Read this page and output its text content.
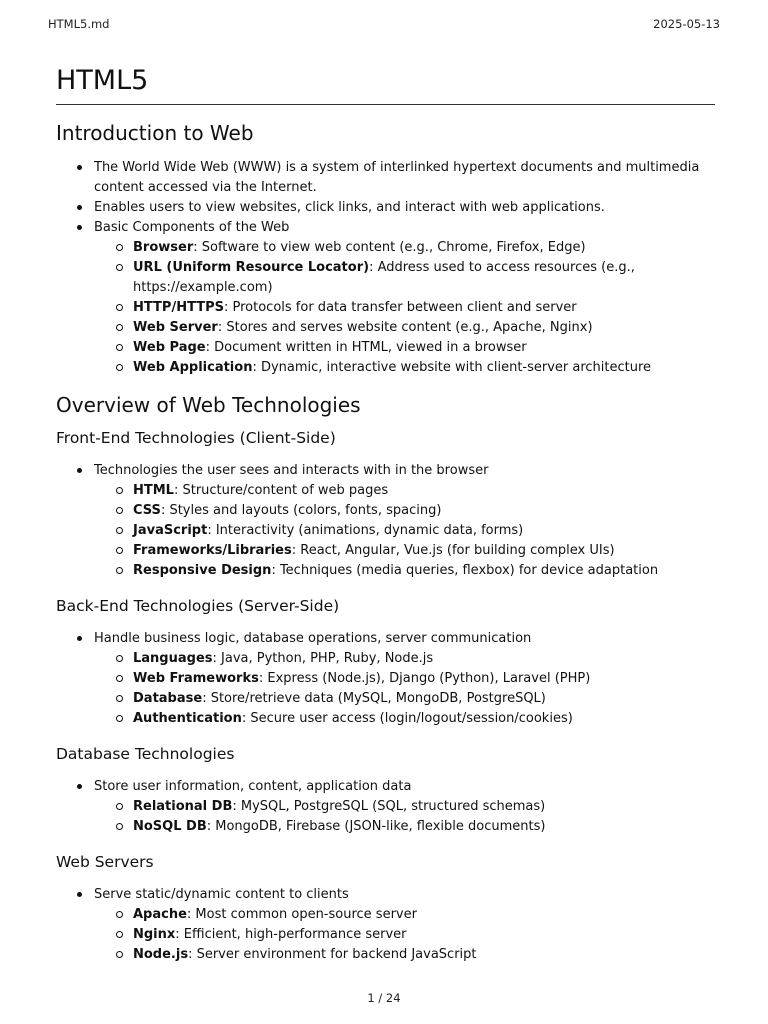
HTML5.md	2025-05-13
HTML5
Introduction to Web
The World Wide Web (WWW) is a system of interlinked hypertext documents and multimedia content accessed via the Internet.
Enables users to view websites, click links, and interact with web applications.
Basic Components of the Web
Browser: Software to view web content (e.g., Chrome, Firefox, Edge)
URL (Uniform Resource Locator): Address used to access resources (e.g., https://example.com)
HTTP/HTTPS: Protocols for data transfer between client and server
Web Server: Stores and serves website content (e.g., Apache, Nginx)
Web Page: Document written in HTML, viewed in a browser
Web Application: Dynamic, interactive website with client-server architecture
Overview of Web Technologies
Front-End Technologies (Client-Side)
Technologies the user sees and interacts with in the browser
HTML: Structure/content of web pages
CSS: Styles and layouts (colors, fonts, spacing)
JavaScript: Interactivity (animations, dynamic data, forms)
Frameworks/Libraries: React, Angular, Vue.js (for building complex UIs)
Responsive Design: Techniques (media queries, flexbox) for device adaptation
Back-End Technologies (Server-Side)
Handle business logic, database operations, server communication
Languages: Java, Python, PHP, Ruby, Node.js
Web Frameworks: Express (Node.js), Django (Python), Laravel (PHP)
Database: Store/retrieve data (MySQL, MongoDB, PostgreSQL)
Authentication: Secure user access (login/logout/session/cookies)
Database Technologies
Store user information, content, application data
Relational DB: MySQL, PostgreSQL (SQL, structured schemas)
NoSQL DB: MongoDB, Firebase (JSON-like, flexible documents)
Web Servers
Serve static/dynamic content to clients
Apache: Most common open-source server
Nginx: Efficient, high-performance server
Node.js: Server environment for backend JavaScript
1 / 24
